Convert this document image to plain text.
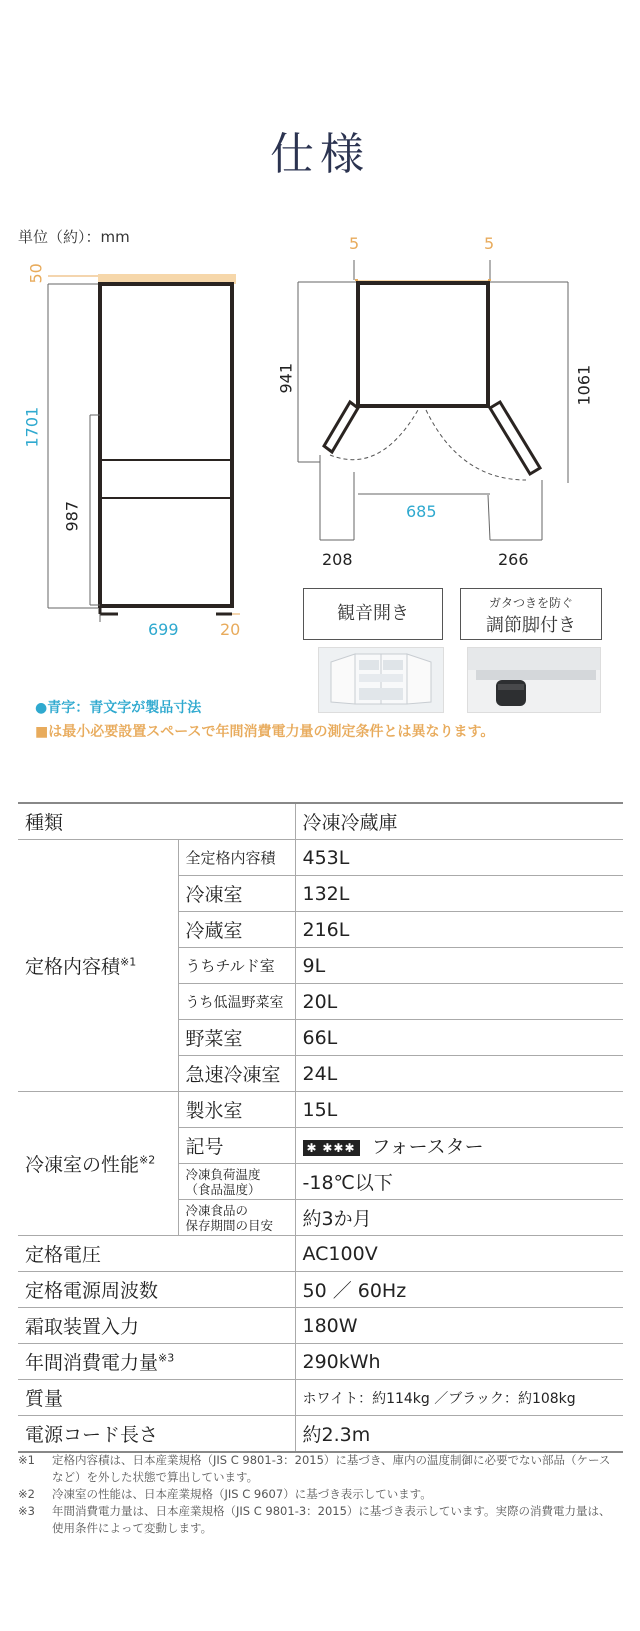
仕様
単位（約）：mm
50
1701
987
699	20
5	5
941	1061
685
208	266
観音開き	ガタつきを防ぐ
調節脚付き
●青字：青文字が製品寸法
■は最小必要設置スペースで年間消費電力量の測定条件とは異なります。
種類		冷凍冷蔵庫
定格内容積$^{※1}$	全定格内容積	453L
	冷凍室	132L
	冷蔵室	216L
	うちチルド室	9L
	うち低温野菜室	20L
	野菜室	66L
	急速冷凍室	24L
冷凍室の性能$^{※2}$	製氷室	15L
	記号	✱ ✱✱✱ フォースター

	冷凍負荷温度
（食品温度）	-18℃以下

	冷凍食品の
保存期間の目安	約3か月
定格電圧		AC100V
定格電源周波数		50 ／ 60Hz
霜取装置入力		180W
年間消費電力量$^{※3}$		290kWh
質量		ホワイト：約114kg ／ブラック：約108kg
電源コード長さ		約2.3m
※1	定格内容積は、日本産業規格（JIS C 9801-3：2015）に基づき、庫内の温度制御に必要でない部品（ケースなど）を外した状態で算出しています。
※2	冷凍室の性能は、日本産業規格（JIS C 9607）に基づき表示しています。
※3	年間消費電力量は、日本産業規格（JIS C 9801-3：2015）に基づき表示しています。実際の消費電力量は、使用条件によって変動します。
